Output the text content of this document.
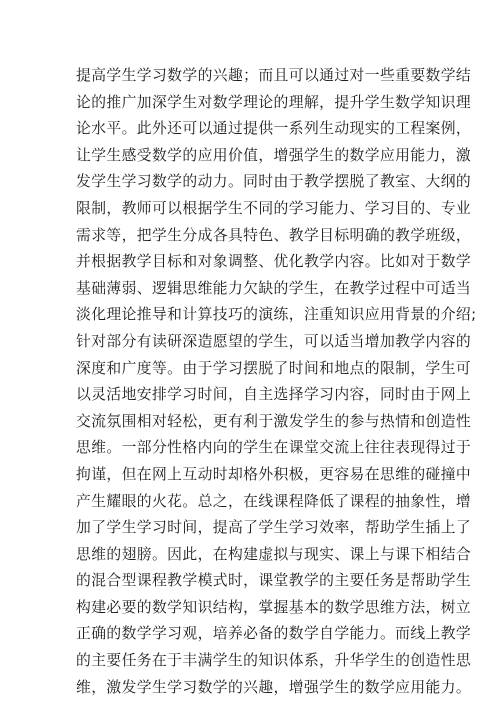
提高学生学习数学的兴趣；而且可以通过对一些重要数学结
论的推广加深学生对数学理论的理解，提升学生数学知识理
论水平。此外还可以通过提供一系列生动现实的工程案例，
让学生感受数学的应用价值，增强学生的数学应用能力，激
发学生学习数学的动力。同时由于教学摆脱了教室、大纲的
限制，教师可以根据学生不同的学习能力、学习目的、专业
需求等，把学生分成各具特色、教学目标明确的教学班级，
并根据教学目标和对象调整、优化教学内容。比如对于数学
基础薄弱、逻辑思维能力欠缺的学生，在教学过程中可适当
淡化理论推导和计算技巧的演练，注重知识应用背景的介绍;
针对部分有读研深造愿望的学生，可以适当增加教学内容的
深度和广度等。由于学习摆脱了时间和地点的限制，学生可
以灵活地安排学习时间，自主选择学习内容，同时由于网上
交流氛围相对轻松，更有利于激发学生的参与热情和创造性
思维。一部分性格内向的学生在课堂交流上往往表现得过于
拘谨，但在网上互动时却格外积极，更容易在思维的碰撞中
产生耀眼的火花。总之，在线课程降低了课程的抽象性，增
加了学生学习时间，提高了学生学习效率，帮助学生插上了
思维的翅膀。因此，在构建虚拟与现实、课上与课下相结合
的混合型课程教学模式时，课堂教学的主要任务是帮助学生
构建必要的数学知识结构，掌握基本的数学思维方法，树立
正确的数学学习观，培养必备的数学自学能力。而线上教学
的主要任务在于丰满学生的知识体系，升华学生的创造性思
维，激发学生学习数学的兴趣，增强学生的数学应用能力。
